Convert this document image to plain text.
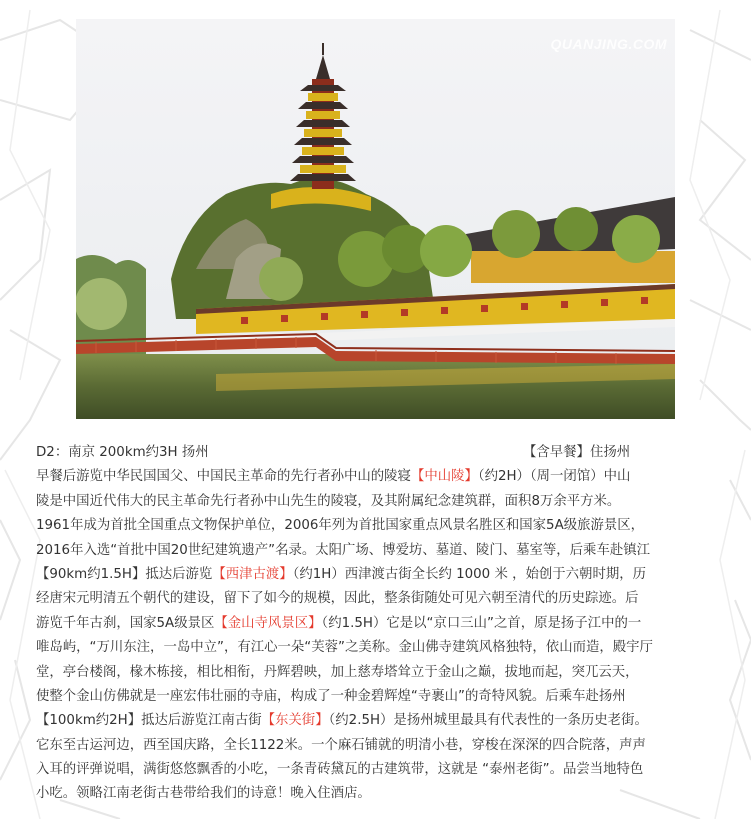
QUANJING.COM
D2：南京 200km约3H 扬州	【含早餐】住扬州
早餐后游览中华民国国父、中国民主革命的先行者孙中山的陵寝【中山陵】（约2H）（周一闭馆）中山
陵是中国近代伟大的民主革命先行者孙中山先生的陵寝，及其附属纪念建筑群，面积8万余平方米。
1961年成为首批全国重点文物保护单位，2006年列为首批国家重点风景名胜区和国家5A级旅游景区，
2016年入选“首批中国20世纪建筑遗产”名录。太阳广场、博爱坊、墓道、陵门、墓室等，后乘车赴镇江
【90km约1.5H】抵达后游览【西津古渡】（约1H）西津渡古街全长约 1000 米 ，始创于六朝时期，历
经唐宋元明清五个朝代的建设，留下了如今的规模，因此，整条街随处可见六朝至清代的历史踪迹。后
游览千年古刹，国家5A级景区【金山寺风景区】（约1.5H）它是以“京口三山”之首，原是扬子江中的一
唯岛屿，“万川东注，一岛中立”，有江心一朵“芙蓉”之美称。金山佛寺建筑风格独特，依山而造，殿宇厅
堂，亭台楼阁，椽木栋接，相比相衔，丹辉碧映，加上慈寿塔耸立于金山之巅，拔地而起，突兀云天，
使整个金山仿佛就是一座宏伟壮丽的寺庙，构成了一种金碧辉煌“寺裹山”的奇特风貌。后乘车赴扬州
【100km约2H】抵达后游览江南古街【东关街】（约2.5H）是扬州城里最具有代表性的一条历史老街。
它东至古运河边，西至国庆路，全长1122米。一个麻石铺就的明清小巷，穿梭在深深的四合院落，声声
入耳的评弹说唱，满街悠悠飘香的小吃，一条青砖黛瓦的古建筑带，这就是 “泰州老街”。品尝当地特色
小吃。领略江南老街古巷带给我们的诗意！晚入住酒店。
